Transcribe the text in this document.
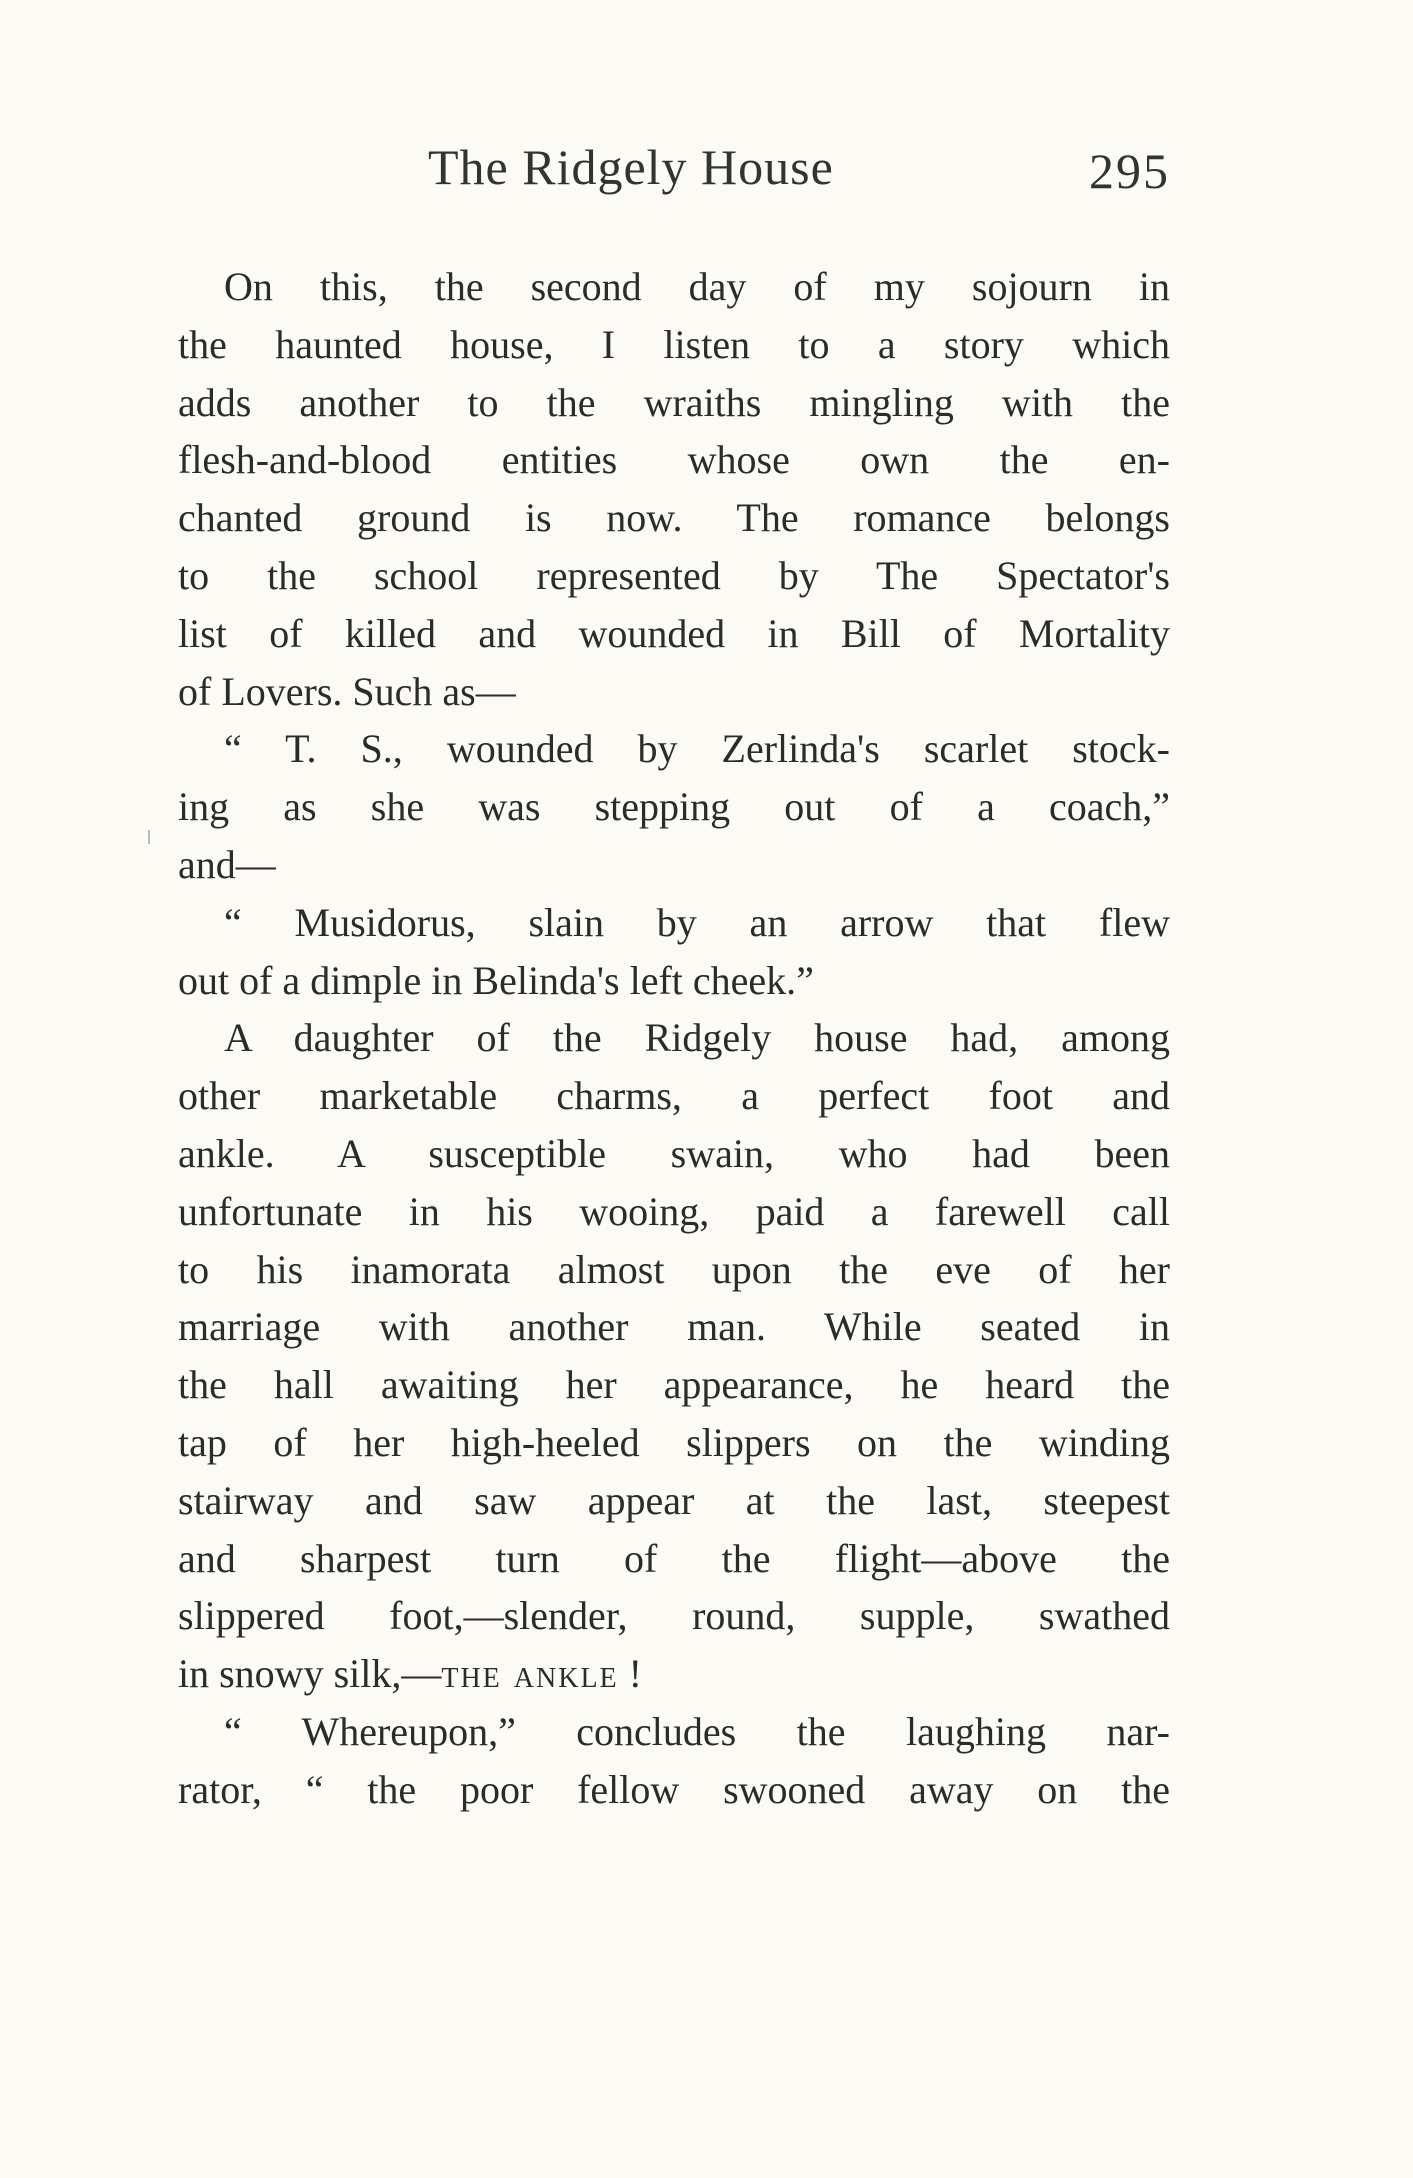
The Ridgely House	295
On this, the second day of my sojourn in
the haunted house, I listen to a story which
adds another to the wraiths mingling with the
flesh-and-blood entities whose own the en-
chanted ground is now. The romance belongs
to the school represented by The Spectator's
list of killed and wounded in Bill of Mortality
of Lovers. Such as—
“ T. S., wounded by Zerlinda's scarlet stock-
ing as she was stepping out of a coach,”
and—
“ Musidorus, slain by an arrow that flew
out of a dimple in Belinda's left cheek.”
A daughter of the Ridgely house had, among
other marketable charms, a perfect foot and
ankle. A susceptible swain, who had been
unfortunate in his wooing, paid a farewell call
to his inamorata almost upon the eve of her
marriage with another man. While seated in
the hall awaiting her appearance, he heard the
tap of her high-heeled slippers on the winding
stairway and saw appear at the last, steepest
and sharpest turn of the flight—above the
slippered foot,—slender, round, supple, swathed
in snowy silk,—the ankle !
“ Whereupon,” concludes the laughing nar-
rator, “ the poor fellow swooned away on the
